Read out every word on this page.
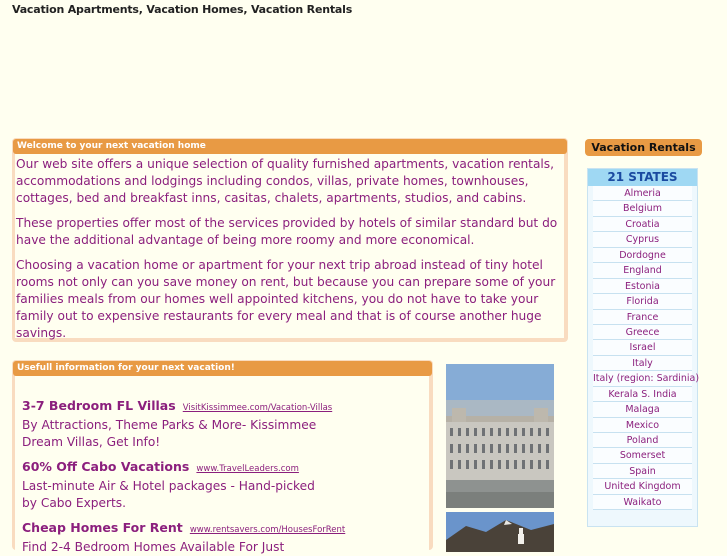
Vacation Apartments, Vacation Homes, Vacation Rentals
Welcome to your next vacation home

Our web site offers a unique selection of quality furnished apartments, vacation rentals, accommodations and lodgings including condos, villas, private homes, townhouses, cottages, bed and breakfast inns, casitas, chalets, apartments, studios, and cabins.

These properties offer most of the services provided by hotels of similar standard but do have the additional advantage of being more roomy and more economical.

Choosing a vacation home or apartment for your next trip abroad instead of tiny hotel rooms not only can you save money on rent, but because you can prepare some of your families meals from our homes well appointed kitchens, you do not have to take your family out to expensive restaurants for every meal and that is of course another huge savings.

Usefull information for your next vacation!
3-7 Bedroom FL Villas VisitKissimmee.com/Vacation-Villas
By Attractions, Theme Parks & More- Kissimmee Dream Villas, Get Info!
60% Off Cabo Vacations www.TravelLeaders.com
Last-minute Air & Hotel packages - Hand-picked by Cabo Experts.
Cheap Homes For Rent www.rentsavers.com/HousesForRent
Find 2-4 Bedroom Homes Available For Just
Vacation Rentals
21 STATES
Almeria
Belgium
Croatia
Cyprus
Dordogne
England
Estonia
Florida
France
Greece
Israel
Italy
Italy (region: Sardinia)
Kerala S. India
Malaga
Mexico
Poland
Somerset
Spain
United Kingdom
Waikato
